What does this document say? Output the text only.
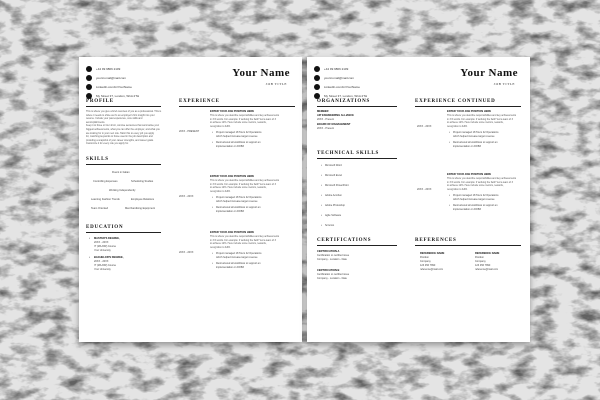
+44 99 9866 2109
yourcv.mail@mail.com
LinkedIn.com/in/YourName
My Street 37, London, W1A 2TH
Your Name
JOB TITLE
PROFILE
This is where you give a brief overview of you as a professional. This is
where it needs to shine as it's an employer's first insight into your
resume. Include your past experience, core skills and accomplishments.
Keep it to three or four short, concise sentences that summarise your
biggest achievements, what you can offer the employer, and what you
are looking for in your next role. Tailor this to every job you apply
for, matching keywords to those used in the job description and
providing a snapshot of your career strengths, and career goals.
Customize it for every role you apply for.
SKILLS
Fluent in Italian
Controlling Expenses	Scheduling Studies
Working Independently
Learning Fashion Trends	Employee Relations
Team Oriented	Merchandising Equipment
EDUCATION
• MASTER'S DEGREE,
20XX - 20XX
IT (MAJOR) Course
Your University
• BACHELOR'S DEGREE,
20XX - 20XX
IT (MAJOR) Course
Your University
EXPERIENCE
ENTER YOUR JOB POSITION HERE
This is where you describe responsibilities and key achievements
in 3-5 words. For example: if working the field? led a team of 3
to achieve 12%. Here include some metrics, rewards,
recognition to fulfill.
20XX - PRESENT	• Project managed 18 Tours 42 Operations
which helped increase target revenue
• Restructured all workflows to support an
implementation on DOB3
ENTER YOUR JOB POSITION HERE
This is where you describe responsibilities and key achievements
in 3-5 words. For example: if working the field? led a team of 3
to achieve 12%. Here include some metrics, rewards,
recognition to fulfill.
20XX - 20XX	• Project managed 18 Tours 42 Operations
which helped increase target revenue
• Restructured all workflows to support an
implementation on DOB3
ENTER YOUR JOB POSITION HERE
This is where you describe responsibilities and key achievements
in 3-5 words. For example: if working the field? led a team of 3
to achieve 12%. Here include some metrics, rewards,
recognition to fulfill.
20XX - 20XX	• Project managed 18 Tours 42 Operations
which helped increase target revenue
• Restructured all workflows to support an
implementation on DOB3
+44 99 9866 2109
yourcv.mail@mail.com
LinkedIn.com/in/YourName
My Street 37, London, W1A 2TH
Your Name
JOB TITLE
ORGANIZATIONS
MEMBER
AIP ENGINEERING ALLIANCE
20XX - Present
BOARD OF MANAGEMENT
20XX - Present
TECHNICAL SKILLS
• Microsoft Word
• Microsoft Excel
• Microsoft PowerPoint
• Adobe Acrobat
• Adobe Photoshop
• Agile Software
• Scrumio
CERTIFICATIONS
CERTIFICATION A
Certification or certified issue
Company - Location - Date
CERTIFICATION B
Certification or certified issue
Company - Location - Date
EXPERIENCE CONTINUED
ENTER YOUR JOB POSITION HERE
This is where you describe responsibilities and key achievements
in 3-5 words. For example: if working the field? led a team of 3
to achieve 12%. Here include some metrics, rewards,
recognition to fulfill.
20XX - 20XX
• Project managed 18 Tours 42 Operations
which helped increase target revenue
• Restructured all workflows to support an
implementation on DOB3
ENTER YOUR JOB POSITION HERE
This is where you describe responsibilities and key achievements
in 3-5 words. For example: if working the field? led a team of 3
to achieve 12%. Here include some metrics, rewards,
recognition to fulfill.
20XX - 20XX
• Project managed 18 Tours 42 Operations
which helped increase target revenue
• Restructured all workflows to support an
implementation on DOB3
REFERENCES
REFERENCE NAME
Position
Company
123 456 7890
reference@mail.com
REFERENCE NAME
Position
Company
123 456 7890
reference@mail.com
